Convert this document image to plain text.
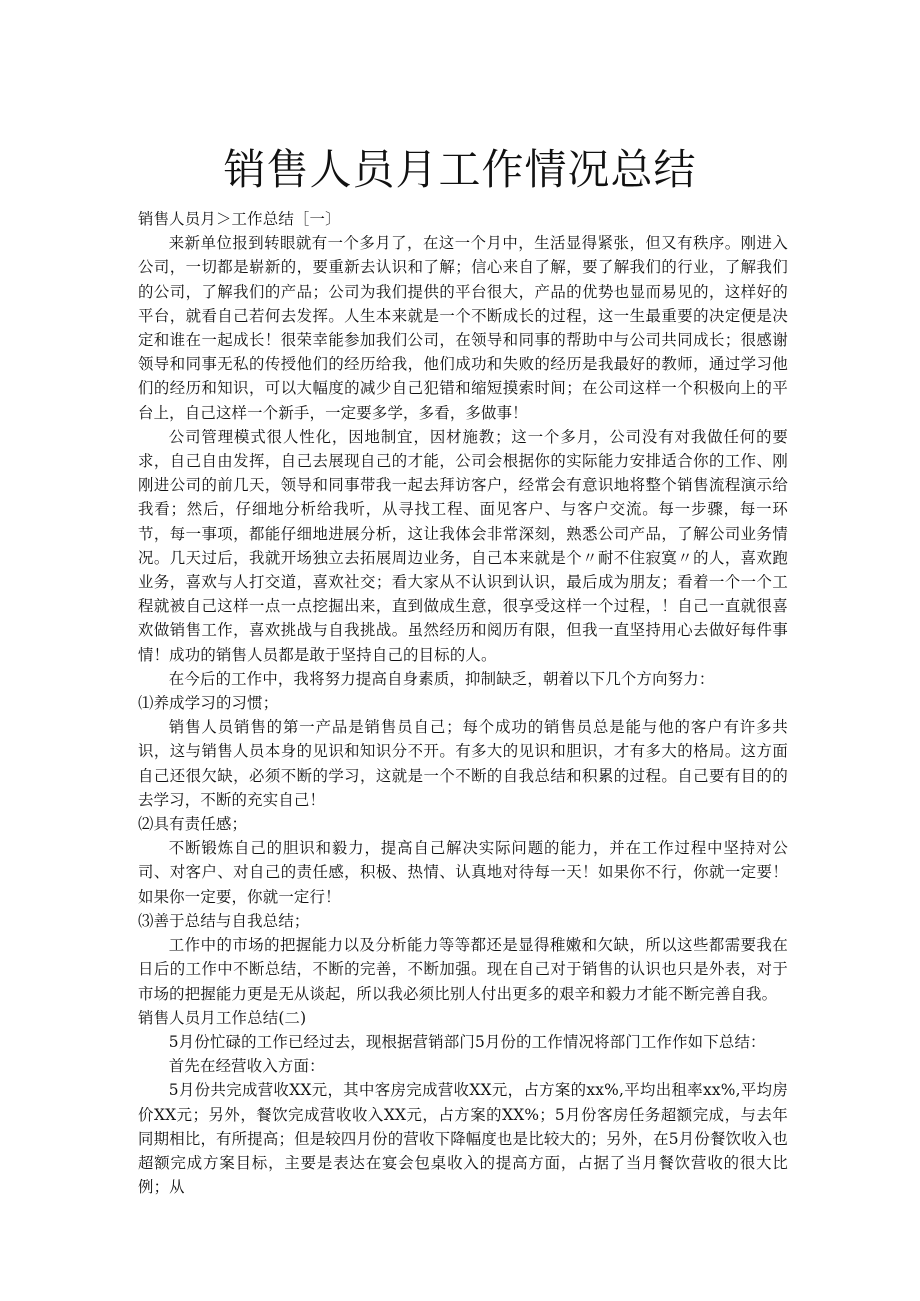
销售人员月工作情况总结

销售人员月＞工作总结［一〕

来新单位报到转眼就有一个多月了，在这一个月中，生活显得紧张，但又有秩序。刚进入公司，一切都是崭新的，要重新去认识和了解；信心来自了解，要了解我们的行业，了解我们的公司，了解我们的产品；公司为我们提供的平台很大，产品的优势也显而易见的，这样好的平台，就看自己若何去发挥。人生本来就是一个不断成长的过程，这一生最重要的决定便是决定和谁在一起成长！很荣幸能参加我们公司，在领导和同事的帮助中与公司共同成长；很感谢领导和同事无私的传授他们的经历给我，他们成功和失败的经历是我最好的教师，通过学习他们的经历和知识，可以大幅度的减少自己犯错和缩短摸索时间；在公司这样一个积极向上的平台上，自己这样一个新手，一定要多学，多看，多做事！

公司管理模式很人性化，因地制宜，因材施教；这一个多月，公司没有对我做任何的要求，自己自由发挥，自己去展现自己的才能，公司会根据你的实际能力安排适合你的工作、刚刚进公司的前几天，领导和同事带我一起去拜访客户，经常会有意识地将整个销售流程演示给我看；然后，仔细地分析给我听，从寻找工程、面见客户、与客户交流。每一步骤，每一环节，每一事项，都能仔细地进展分析，这让我体会非常深刻，熟悉公司产品，了解公司业务情况。几天过后，我就开场独立去拓展周边业务，自己本来就是个〃耐不住寂寞〃的人，喜欢跑业务，喜欢与人打交道，喜欢社交；看大家从不认识到认识，最后成为朋友；看着一个一个工程就被自己这样一点一点挖掘出来，直到做成生意，很享受这样一个过程，！自己一直就很喜欢做销售工作，喜欢挑战与自我挑战。虽然经历和阅历有限，但我一直坚持用心去做好每件事情！成功的销售人员都是敢于坚持自己的目标的人。

在今后的工作中，我将努力提高自身素质，抑制缺乏，朝着以下几个方向努力：

⑴养成学习的习惯；

销售人员销售的第一产品是销售员自己；每个成功的销售员总是能与他的客户有许多共识，这与销售人员本身的见识和知识分不开。有多大的见识和胆识，才有多大的格局。这方面自己还很欠缺，必须不断的学习，这就是一个不断的自我总结和积累的过程。自己要有目的的去学习，不断的充实自己！

⑵具有责任感；

不断锻炼自己的胆识和毅力，提高自己解决实际问题的能力，并在工作过程中坚持对公司、对客户、对自己的责任感，积极、热情、认真地对待每一天！如果你不行，你就一定要！如果你一定要，你就一定行！

⑶善于总结与自我总结；

工作中的市场的把握能力以及分析能力等等都还是显得稚嫩和欠缺，所以这些都需要我在日后的工作中不断总结，不断的完善，不断加强。现在自己对于销售的认识也只是外表，对于市场的把握能力更是无从谈起，所以我必须比别人付出更多的艰辛和毅力才能不断完善自我。

销售人员月工作总结(二)

5月份忙碌的工作已经过去，现根据营销部门5月份的工作情况将部门工作作如下总结：

首先在经营收入方面：

5月份共完成营收XX元，其中客房完成营收XX元，占方案的xx%,平均出租率xx%,平均房价XX元；另外，餐饮完成营收收入XX元，占方案的XX%；5月份客房任务超额完成，与去年同期相比，有所提高；但是较四月份的营收下降幅度也是比较大的；另外，在5月份餐饮收入也超额完成方案目标，主要是表达在宴会包桌收入的提高方面，占据了当月餐饮营收的很大比例；从
